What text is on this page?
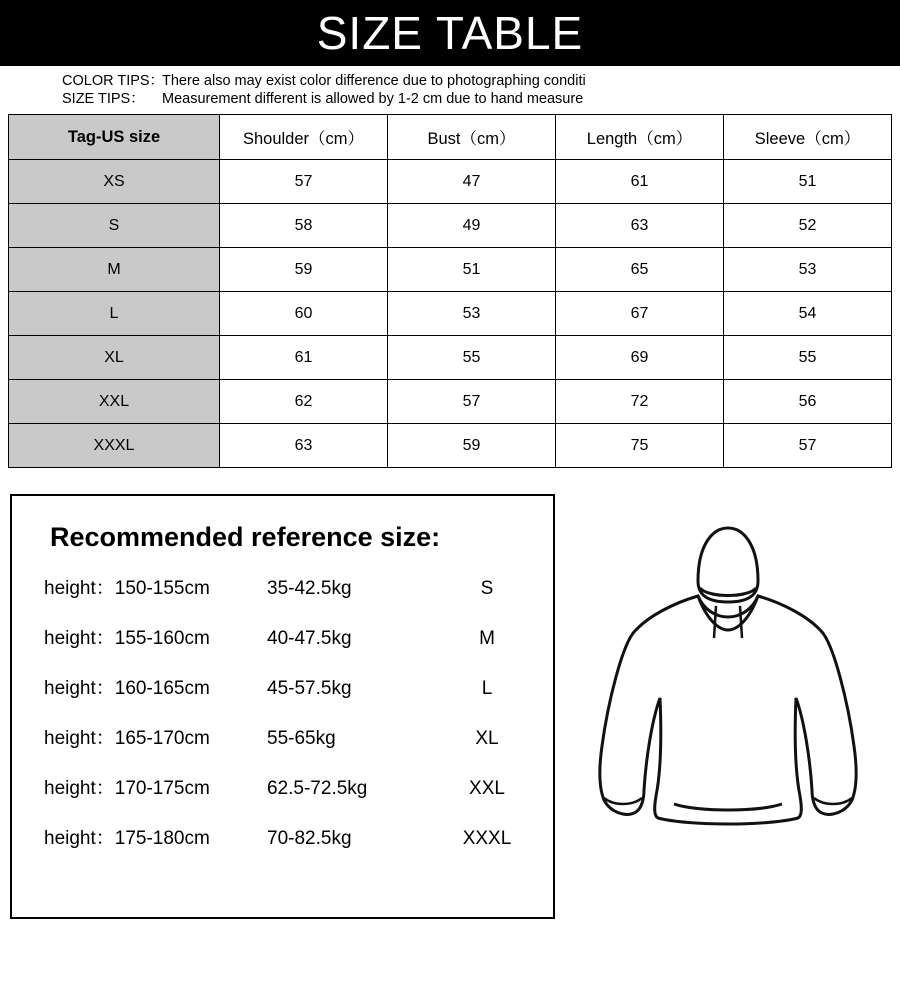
SIZE TABLE
COLOR TIPS：
There also may exist color difference due to photographing conditi
SIZE TIPS：	Measurement different is allowed by 1-2 cm due to hand measure
Tag-US size	Shoulder（cm）	Bust（cm）	Length（cm）	Sleeve（cm）
XS	57	47	61	51
S	58	49	63	52
M	59	51	65	53
L	60	53	67	54
XL	61	55	69	55
XXL	62	57	72	56
XXXL	63	59	75	57
Recommended reference size:
height：150-155cm	35-42.5kg	S
height：155-160cm	40-47.5kg	M
height：160-165cm	45-57.5kg	L
height：165-170cm	55-65kg	XL
height：170-175cm	62.5-72.5kg	XXL
height：175-180cm	70-82.5kg	XXXL
